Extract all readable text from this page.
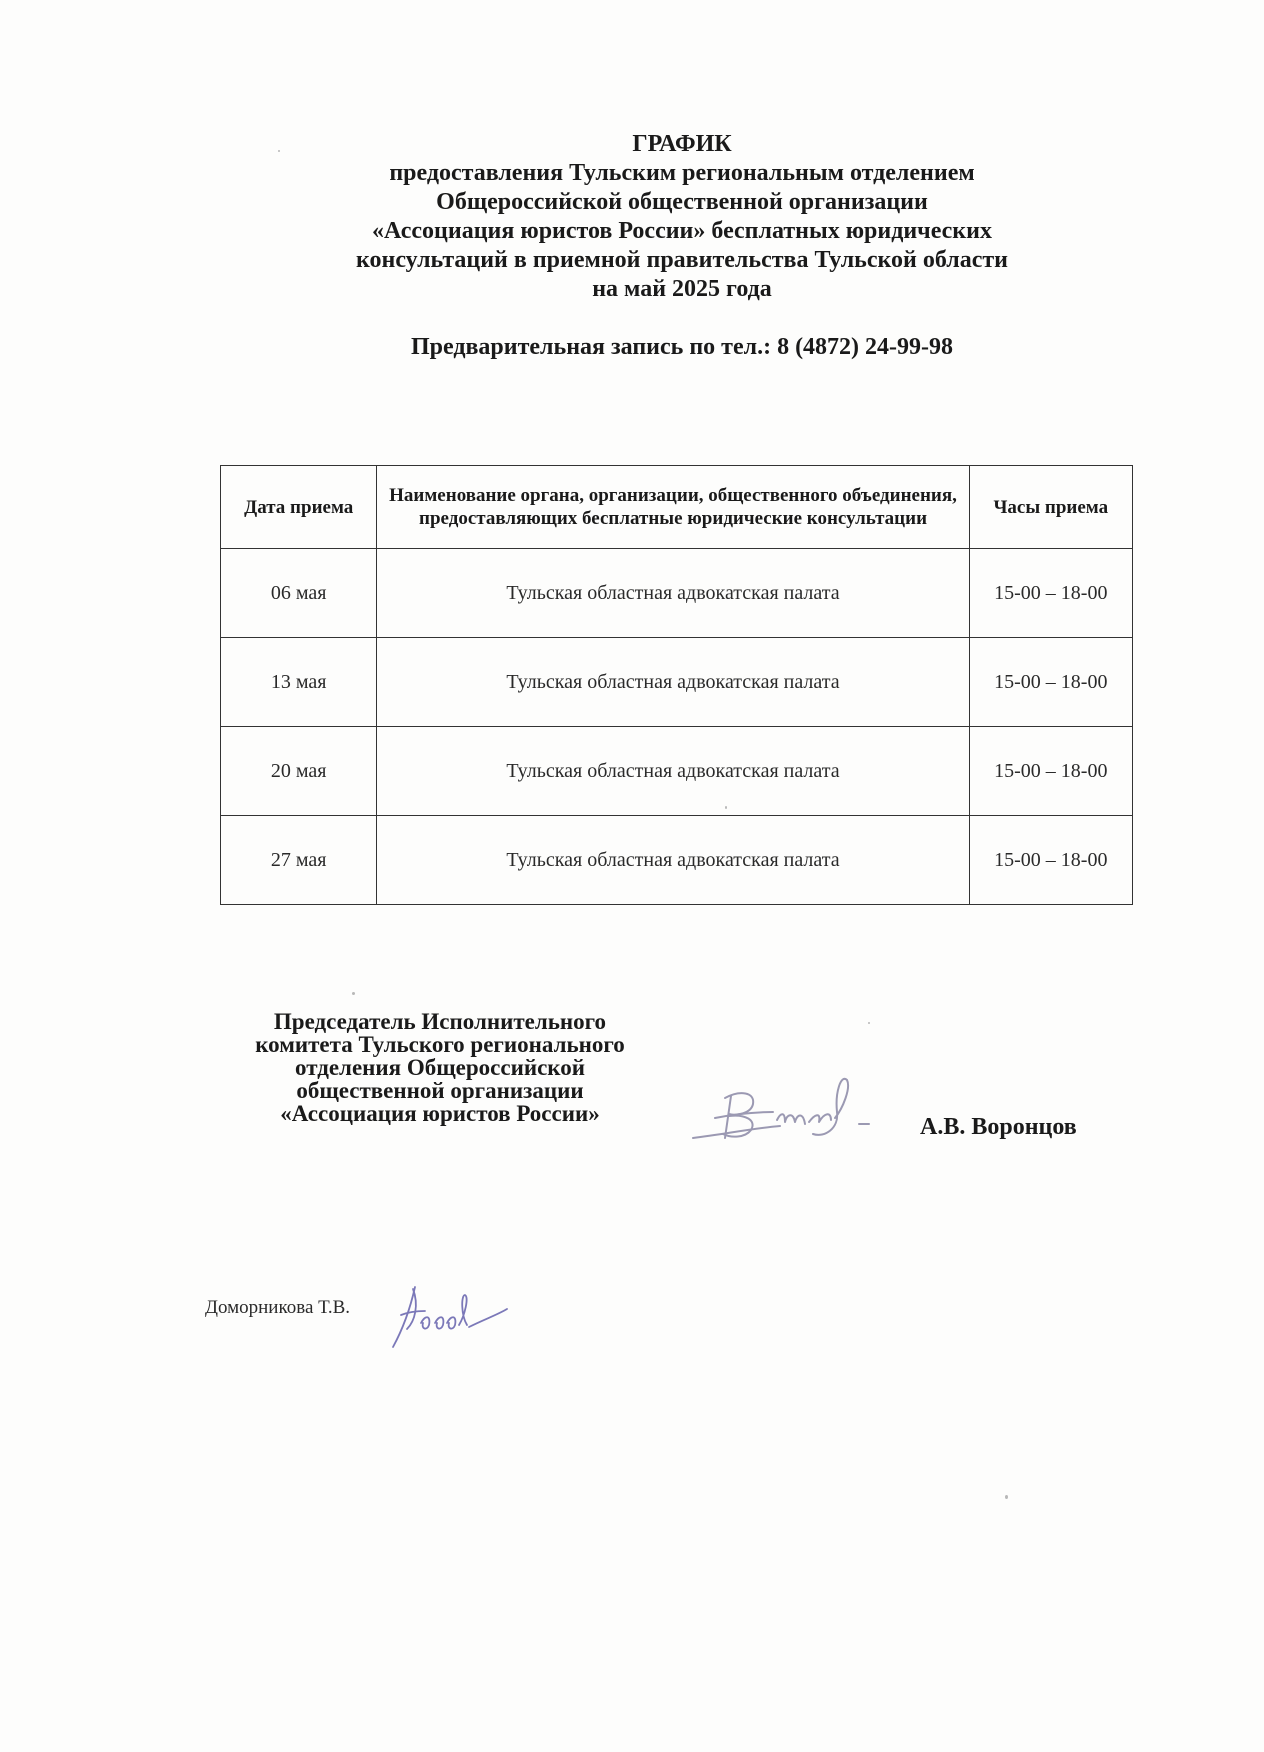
ГРАФИК
предоставления Тульским региональным отделением
Общероссийской общественной организации
«Ассоциация юристов России» бесплатных юридических
консультаций в приемной правительства Тульской области
на май 2025 года
Предварительная запись по тел.: 8 (4872) 24-99-98
Дата приема	Наименование органа, организации, общественного объединения, предоставляющих бесплатные юридические консультации	Часы приема
06 мая	Тульская областная адвокатская палата	15-00 – 18-00
13 мая	Тульская областная адвокатская палата	15-00 – 18-00
20 мая	Тульская областная адвокатская палата	15-00 – 18-00
27 мая	Тульская областная адвокатская палата	15-00 – 18-00
Председатель Исполнительного
комитета Тульского регионального
отделения Общероссийской
общественной организации
«Ассоциация юристов России»
А.В. Воронцов
Доморникова Т.В.
